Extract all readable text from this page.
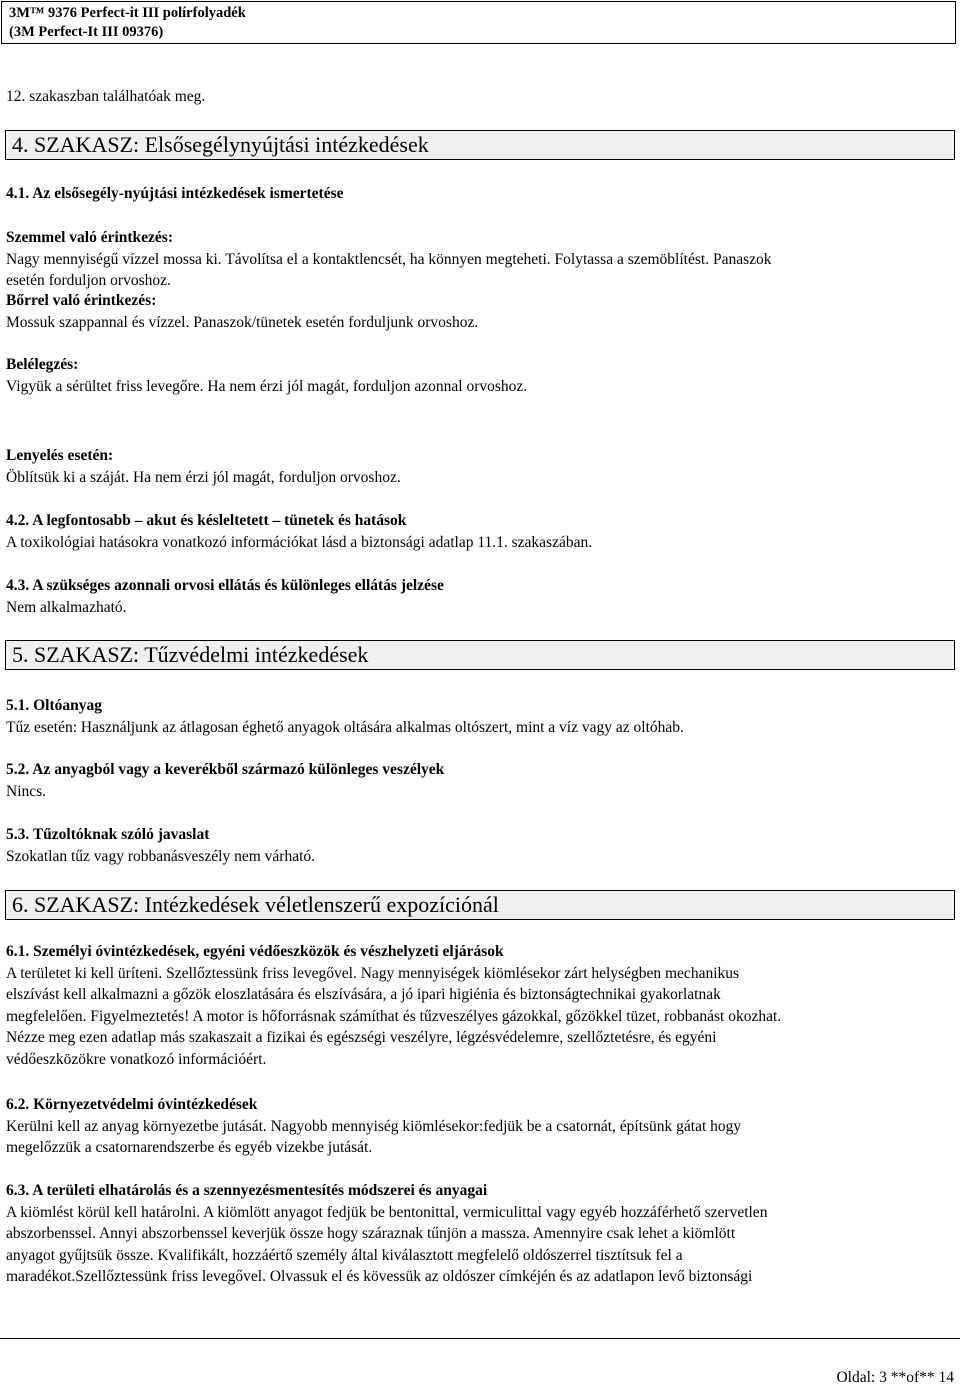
3M™ 9376 Perfect-it III polírfolyadék
(3M Perfect-It III 09376)

12. szakaszban találhatóak meg.

4. SZAKASZ: Elsősegélynyújtási intézkedések

4.1. Az elsősegély-nyújtási intézkedések ismertetése

Szemmel való érintkezés:

Nagy mennyiségű vízzel mossa ki. Távolítsa el a kontaktlencsét, ha könnyen megteheti. Folytassa a szemöblítést. Panaszok

esetén forduljon orvoshoz.

Bőrrel való érintkezés:

Mossuk szappannal és vízzel. Panaszok/tünetek esetén forduljunk orvoshoz.

Belélegzés:

Vigyük a sérültet friss levegőre. Ha nem érzi jól magát, forduljon azonnal orvoshoz.

Lenyelés esetén:

Öblítsük ki a száját. Ha nem érzi jól magát, forduljon orvoshoz.

4.2. A legfontosabb – akut és késleltetett – tünetek és hatások

A toxikológiai hatásokra vonatkozó információkat lásd a biztonsági adatlap 11.1. szakaszában.

4.3. A szükséges azonnali orvosi ellátás és különleges ellátás jelzése

Nem alkalmazható.

5. SZAKASZ: Tűzvédelmi intézkedések

5.1. Oltóanyag

Tűz esetén: Használjunk az átlagosan éghető anyagok oltására alkalmas oltószert, mint a víz vagy az oltóhab.

5.2. Az anyagból vagy a keverékből származó különleges veszélyek

Nincs.

5.3. Tűzoltóknak szóló javaslat

Szokatlan tűz vagy robbanásveszély nem várható.

6. SZAKASZ: Intézkedések véletlenszerű expozíciónál

6.1. Személyi óvintézkedések, egyéni védőeszközök és vészhelyzeti eljárások

A területet ki kell üríteni. Szellőztessünk friss levegővel. Nagy mennyiségek kiömlésekor zárt helységben mechanikus

elszívást kell alkalmazni a gőzök eloszlatására és elszívására, a jó ipari higiénia és biztonságtechnikai gyakorlatnak

megfelelően. Figyelmeztetés! A motor is hőforrásnak számíthat és tűzveszélyes gázokkal, gőzökkel tüzet, robbanást okozhat.

Nézze meg ezen adatlap más szakaszait a fizikai és egészségi veszélyre, légzésvédelemre, szellőztetésre, és egyéni

védőeszközökre vonatkozó információért.

6.2. Környezetvédelmi óvintézkedések

Kerülni kell az anyag környezetbe jutását. Nagyobb mennyiség kiömlésekor:fedjük be a csatornát, építsünk gátat hogy

megelőzzük a csatornarendszerbe és egyéb vizekbe jutását.

6.3. A területi elhatárolás és a szennyezésmentesítés módszerei és anyagai

A kiömlést körül kell határolni. A kiömlött anyagot fedjük be bentonittal, vermiculittal vagy egyéb hozzáférhető szervetlen

abszorbenssel. Annyi abszorbenssel keverjük össze hogy száraznak tűnjön a massza. Amennyire csak lehet a kiömlött

anyagot gyűjtsük össze. Kvalifikált, hozzáértő személy által kiválasztott megfelelő oldószerrel tisztítsuk fel a

maradékot.Szellőztessünk friss levegővel. Olvassuk el és kövessük az oldószer címkéjén és az adatlapon levő biztonsági

Oldal: 3 **of** 14
